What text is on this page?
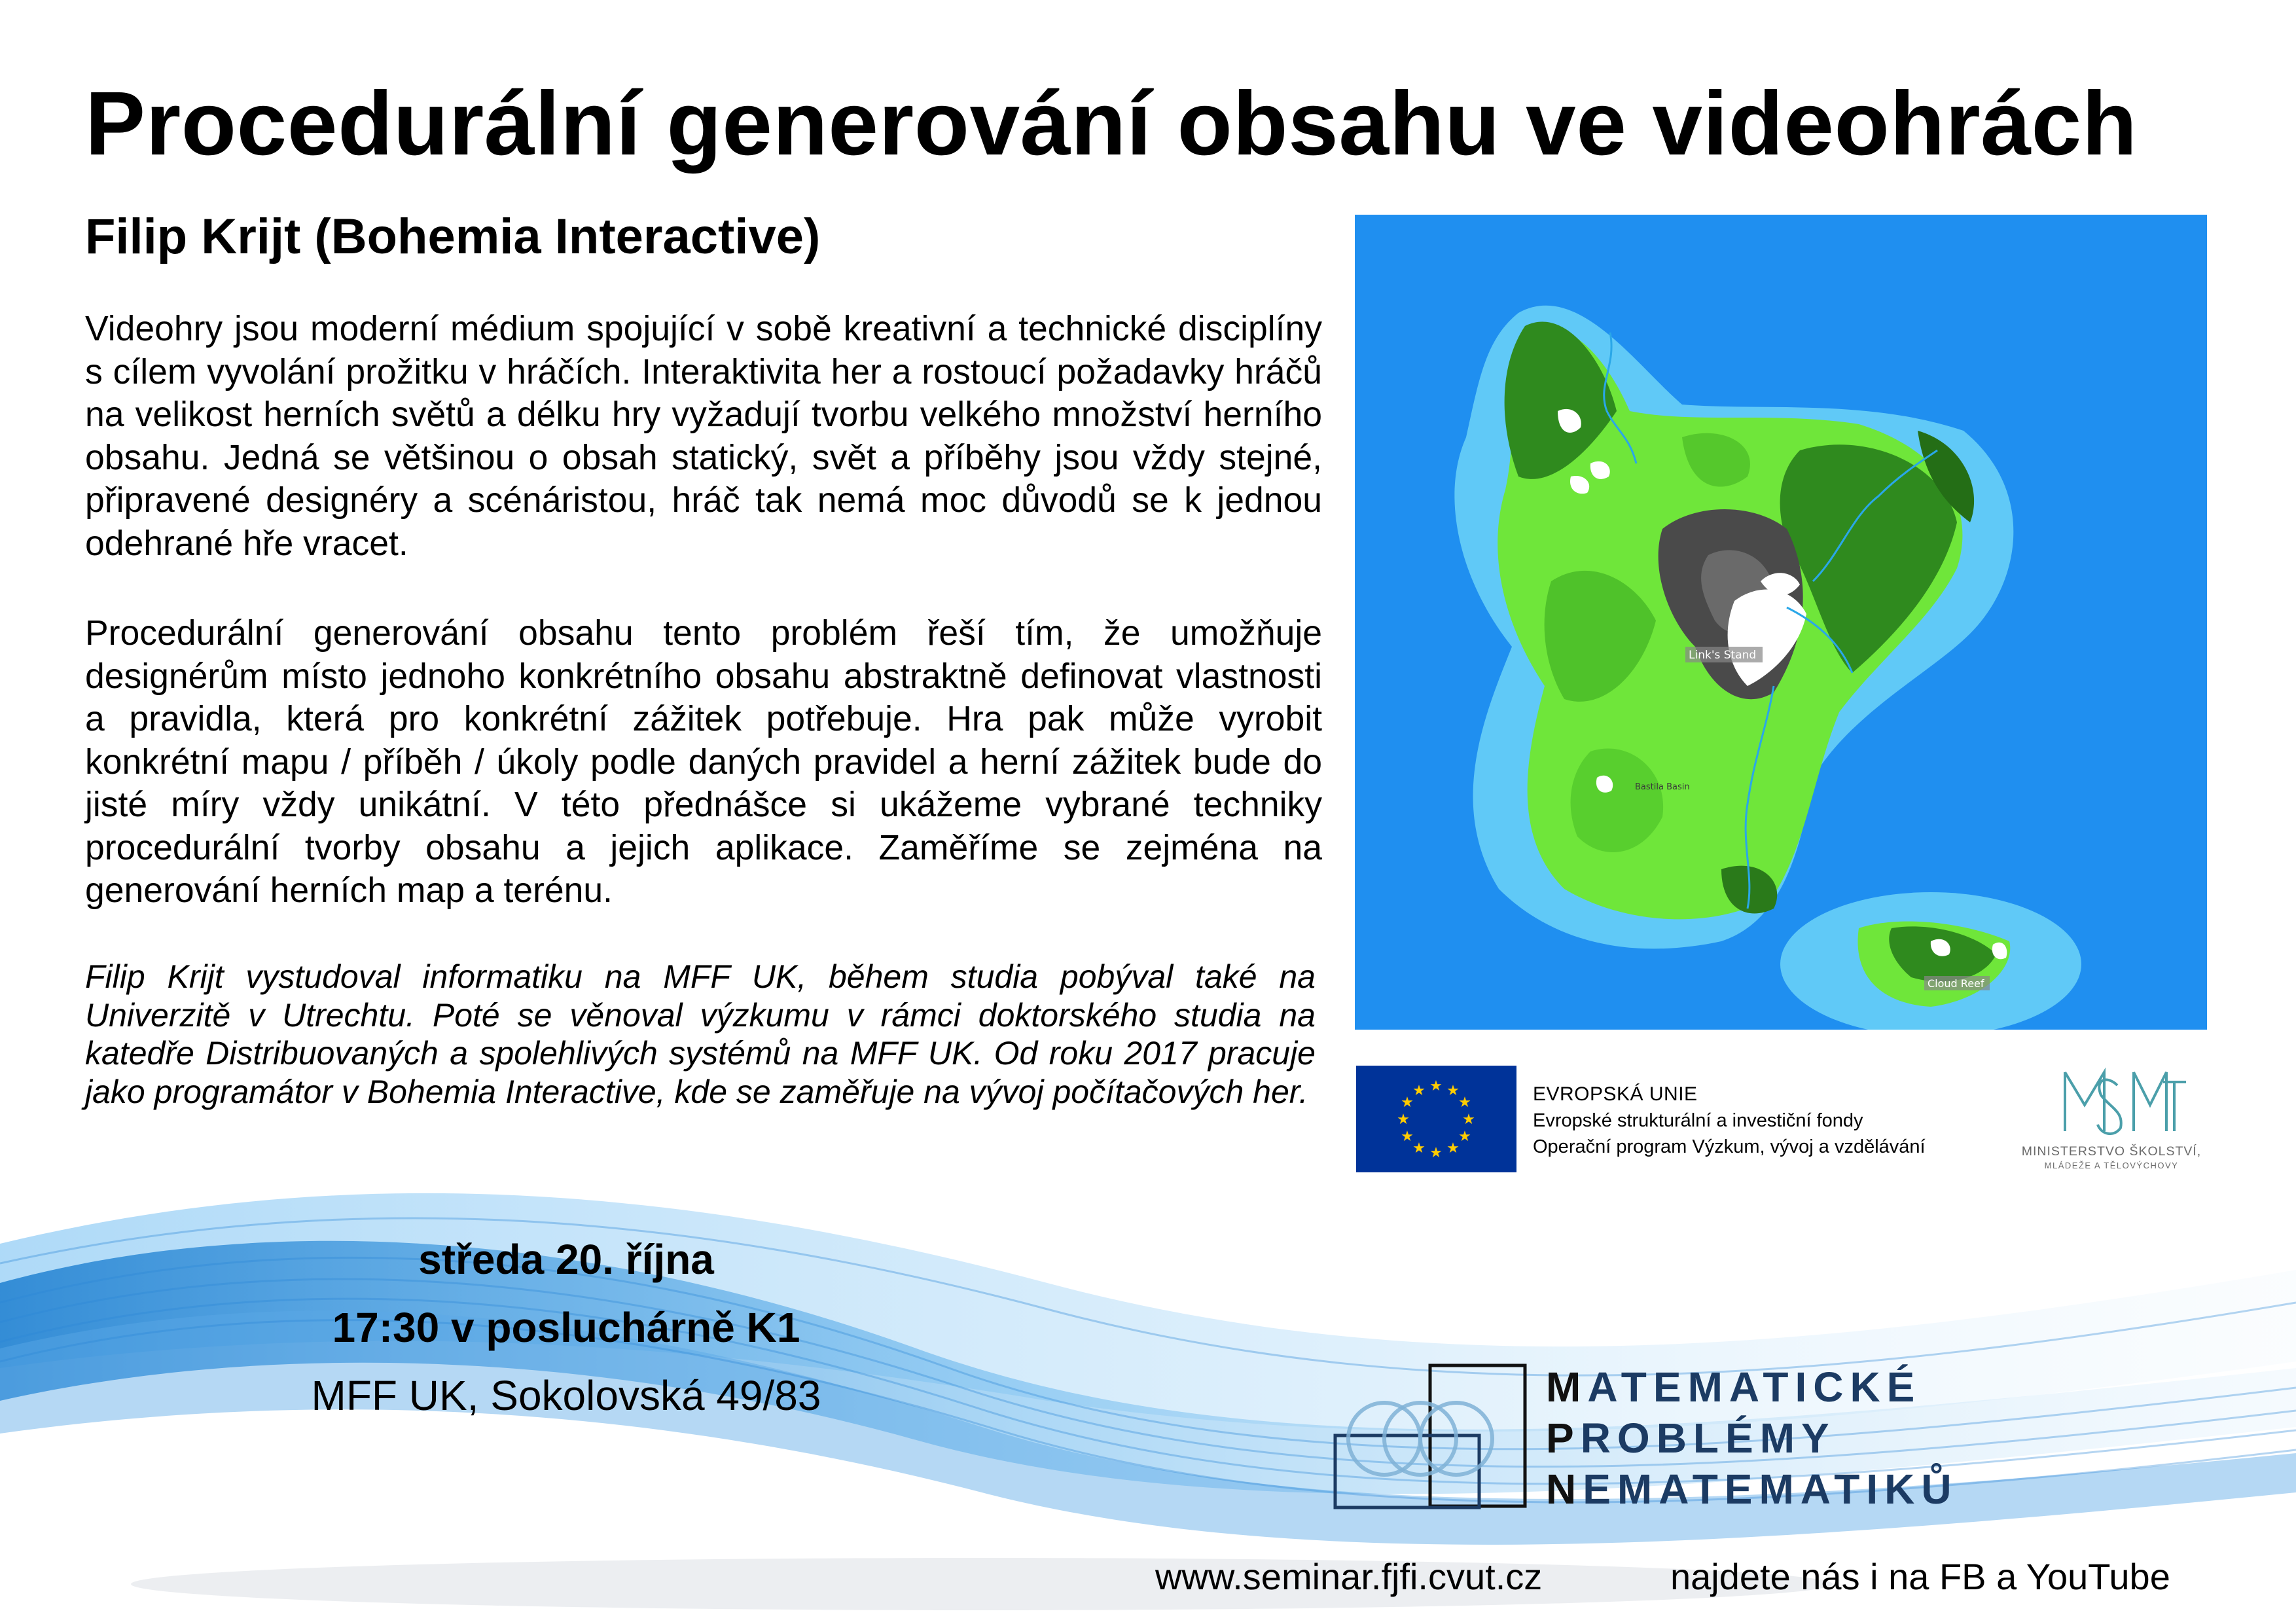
Procedurální generování obsahu ve videohrách
Filip Krijt (Bohemia Interactive)

Videohry jsou moderní médium spojující v sobě kreativní a technické disciplíny s cílem vyvolání prožitku v hráčích. Interaktivita her a rostoucí požadavky hráčů na velikost herních světů a délku hry vyžadují tvorbu velkého množství herního obsahu. Jedná se většinou o obsah statický, svět a příběhy jsou vždy stejné, připravené designéry a scénáristou, hráč tak nemá moc důvodů se k jednou odehrané hře vracet.

Procedurální generování obsahu tento problém řeší tím, že umožňuje designérům místo jednoho konkrétního obsahu abstraktně definovat vlastnosti a pravidla, která pro konkrétní zážitek potřebuje. Hra pak může vyrobit konkrétní mapu / příběh / úkoly podle daných pravidel a herní zážitek bude do jisté míry vždy unikátní. V této přednášce si ukážeme vybrané techniky procedurální tvorby obsahu a jejich aplikace. Zaměříme se zejména na generování herních map a terénu.

Filip Krijt vystudoval informatiku na MFF UK, během studia pobýval také na Univerzitě v Utrechtu. Poté se věnoval výzkumu v rámci doktorského studia na katedře Distribuovaných a spolehlivých systémů na MFF UK. Od roku 2017 pracuje jako programátor v Bohemia Interactive, kde se zaměřuje na vývoj počítačových her.

Link's Stand
Bastila Basin
Cloud Reef
★ ★
★
★
★
★
★
★
★
★
★
★	EVROPSKÁ UNIE
Evropské strukturální a investiční fondy
Operační program Výzkum, vývoj a vzdělávání	MINISTERSTVO ŠKOLSTVÍ,
MLÁDEŽE A TĚLOVÝCHOVY
středa 20. října
17:30 v posluchárně K1
MFF UK, Sokolovská 49/83	MATEMATICKÉ
PROBLÉMY
NEMATEMATIKŮ
www.seminar.fjfi.cvut.cz	najdete nás i na FB a YouTube
